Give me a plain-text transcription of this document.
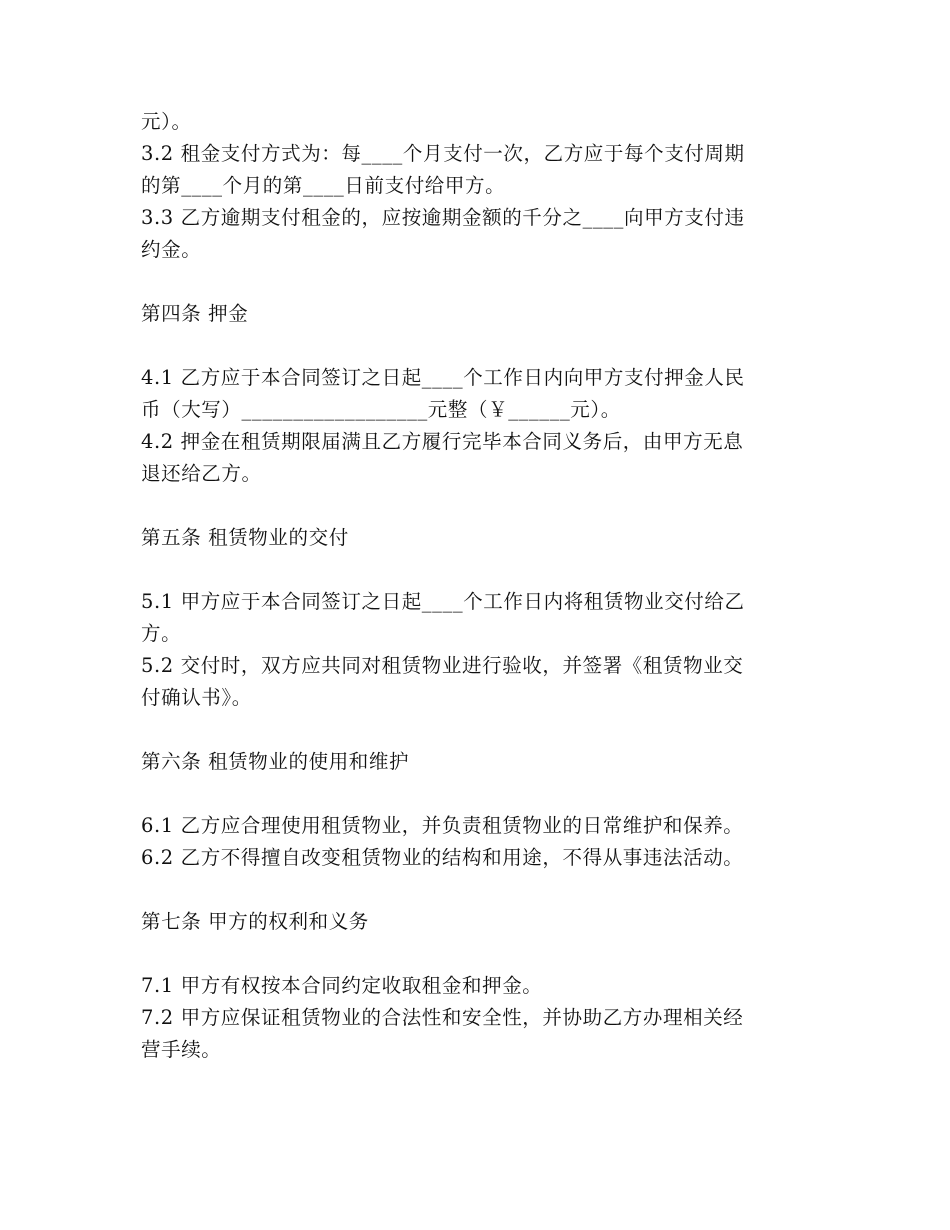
元）。
3.2 租金支付方式为：每____个月支付一次，乙方应于每个支付周期
的第____个月的第____日前支付给甲方。
3.3 乙方逾期支付租金的，应按逾期金额的千分之____向甲方支付违
约金。
第四条 押金
4.1 乙方应于本合同签订之日起____个工作日内向甲方支付押金人民
币（大写）__________________元整（￥______元）。
4.2 押金在租赁期限届满且乙方履行完毕本合同义务后，由甲方无息
退还给乙方。
第五条 租赁物业的交付
5.1 甲方应于本合同签订之日起____个工作日内将租赁物业交付给乙
方。
5.2 交付时，双方应共同对租赁物业进行验收，并签署《租赁物业交
付确认书》。
第六条 租赁物业的使用和维护
6.1 乙方应合理使用租赁物业，并负责租赁物业的日常维护和保养。
6.2 乙方不得擅自改变租赁物业的结构和用途，不得从事违法活动。
第七条 甲方的权利和义务
7.1 甲方有权按本合同约定收取租金和押金。
7.2 甲方应保证租赁物业的合法性和安全性，并协助乙方办理相关经
营手续。
